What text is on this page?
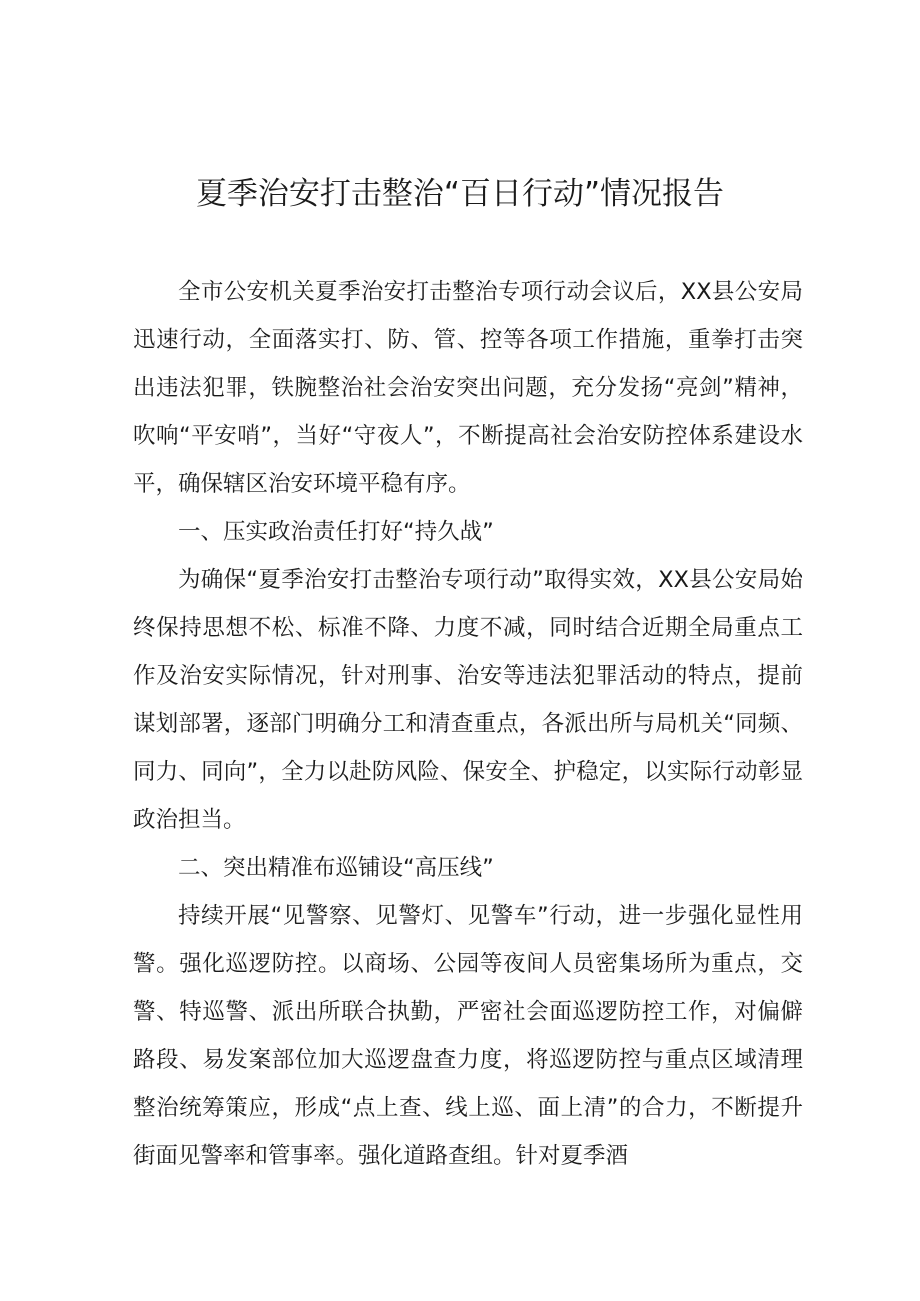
夏季治安打击整治“百日行动”情况报告

全市公安机关夏季治安打击整治专项行动会议后，XX县公安局迅速行动，全面落实打、防、管、控等各项工作措施，重拳打击突出违法犯罪，铁腕整治社会治安突出问题，充分发扬“亮剑”精神，吹响“平安哨”，当好“守夜人”，不断提高社会治安防控体系建设水平，确保辖区治安环境平稳有序。

一、压实政治责任打好“持久战”

为确保“夏季治安打击整治专项行动”取得实效，XX县公安局始终保持思想不松、标准不降、力度不减，同时结合近期全局重点工作及治安实际情况，针对刑事、治安等违法犯罪活动的特点，提前谋划部署，逐部门明确分工和清查重点，各派出所与局机关“同频、同力、同向”，全力以赴防风险、保安全、护稳定，以实际行动彰显政治担当。

二、突出精准布巡铺设“高压线”

持续开展“见警察、见警灯、见警车”行动，进一步强化显性用警。强化巡逻防控。以商场、公园等夜间人员密集场所为重点，交警、特巡警、派出所联合执勤，严密社会面巡逻防控工作，对偏僻路段、易发案部位加大巡逻盘查力度，将巡逻防控与重点区域清理整治统筹策应，形成“点上查、线上巡、面上清”的合力，不断提升街面见警率和管事率。强化道路查组。针对夏季酒
